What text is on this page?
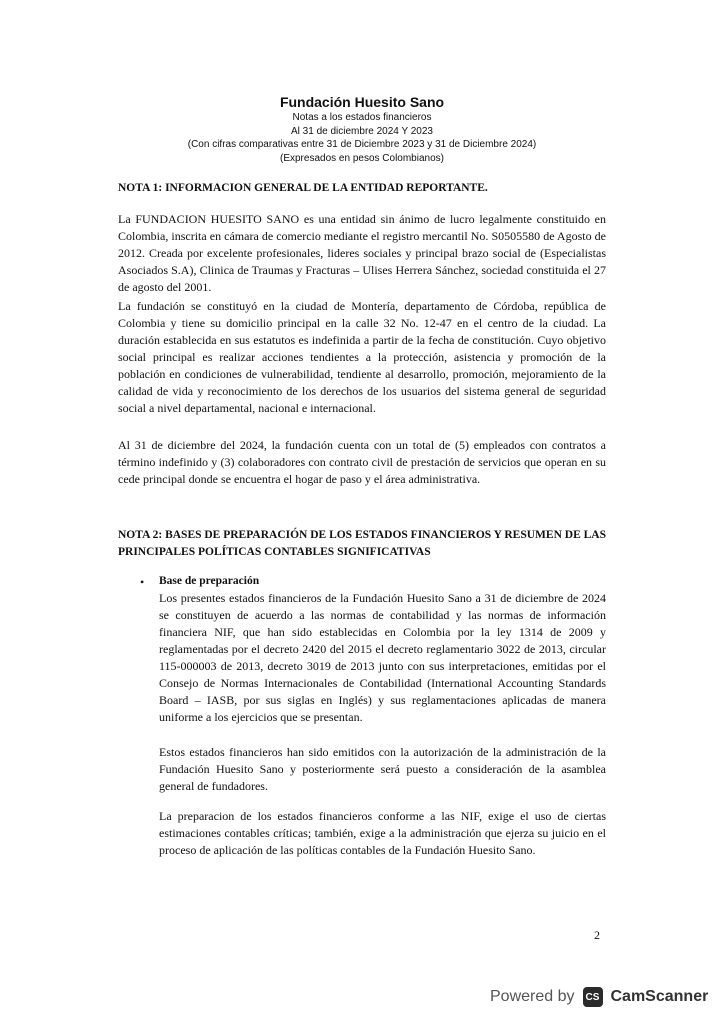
Fundación Huesito Sano
Notas a los estados financieros
Al 31 de diciembre 2024 Y 2023
(Con cifras comparativas entre 31 de Diciembre 2023 y 31 de Diciembre 2024)
(Expresados en pesos Colombianos)
NOTA 1: INFORMACION GENERAL DE LA ENTIDAD REPORTANTE.
La FUNDACION HUESITO SANO es una entidad sin ánimo de lucro legalmente constituido en Colombia, inscrita en cámara de comercio mediante el registro mercantil No. S0505580 de Agosto de 2012. Creada por excelente profesionales, lideres sociales y principal brazo social de (Especialistas Asociados S.A), Clinica de Traumas y Fracturas – Ulises Herrera Sánchez, sociedad constituida el 27 de agosto del 2001.
La fundación se constituyó en la ciudad de Montería, departamento de Córdoba, república de Colombia y tiene su domicilio principal en la calle 32 No. 12-47 en el centro de la ciudad. La duración establecida en sus estatutos es indefinida a partir de la fecha de constitución. Cuyo objetivo social principal es realizar acciones tendientes a la protección, asistencia y promoción de la población en condiciones de vulnerabilidad, tendiente al desarrollo, promoción, mejoramiento de la calidad de vida y reconocimiento de los derechos de los usuarios del sistema general de seguridad social a nivel departamental, nacional e internacional.
Al 31 de diciembre del 2024, la fundación cuenta con un total de (5) empleados con contratos a término indefinido y (3) colaboradores con contrato civil de prestación de servicios que operan en su cede principal donde se encuentra el hogar de paso y el área administrativa.
NOTA 2: BASES DE PREPARACIÓN DE LOS ESTADOS FINANCIEROS Y RESUMEN DE LAS PRINCIPALES POLÍTICAS CONTABLES SIGNIFICATIVAS
• Base de preparación
Los presentes estados financieros de la Fundación Huesito Sano a 31 de diciembre de 2024 se constituyen de acuerdo a las normas de contabilidad y las normas de información financiera NIF, que han sido establecidas en Colombia por la ley 1314 de 2009 y reglamentadas por el decreto 2420 del 2015 el decreto reglamentario 3022 de 2013, circular 115-000003 de 2013, decreto 3019 de 2013 junto con sus interpretaciones, emitidas por el Consejo de Normas Internacionales de Contabilidad (International Accounting Standards Board – IASB, por sus siglas en Inglés) y sus reglamentaciones aplicadas de manera uniforme a los ejercicios que se presentan.
Estos estados financieros han sido emitidos con la autorización de la administración de la Fundación Huesito Sano y posteriormente será puesto a consideración de la asamblea general de fundadores.
La preparacion de los estados financieros conforme a las NIF, exige el uso de ciertas estimaciones contables críticas; también, exige a la administración que ejerza su juicio en el proceso de aplicación de las políticas contables de la Fundación Huesito Sano.
2
Powered by	CS CamScanner
